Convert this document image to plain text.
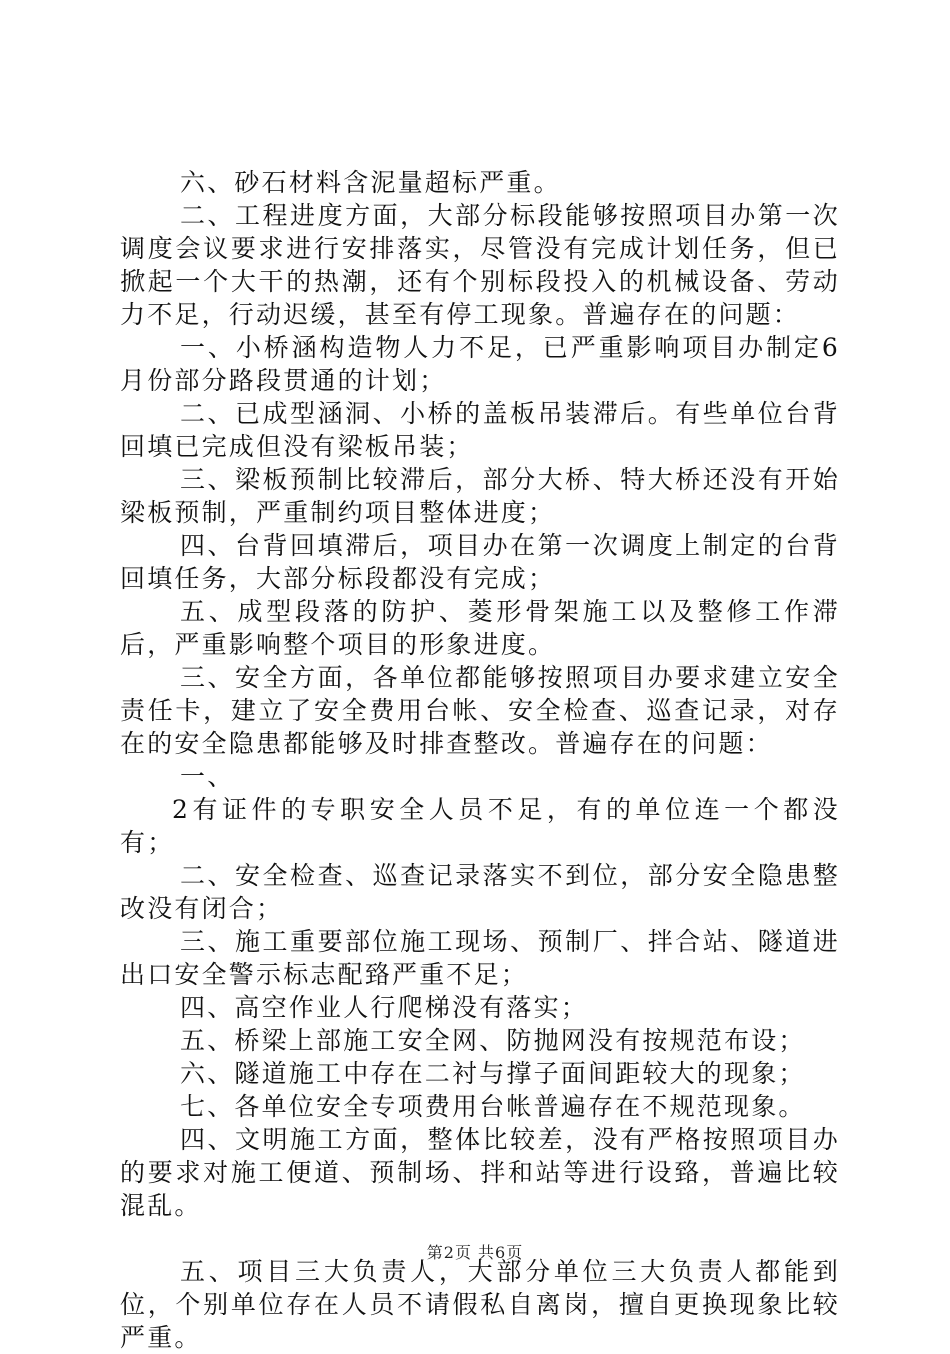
六、砂石材料含泥量超标严重。

二、工程进度方面，大部分标段能够按照项目办第一次调度会议要求进行安排落实，尽管没有完成计划任务，但已掀起一个大干的热潮，还有个别标段投入的机械设备、劳动力不足，行动迟缓，甚至有停工现象。普遍存在的问题：

一、小桥涵构造物人力不足，已严重影响项目办制定6月份部分路段贯通的计划；

二、已成型涵洞、小桥的盖板吊装滞后。有些单位台背回填已完成但没有梁板吊装；

三、梁板预制比较滞后，部分大桥、特大桥还没有开始梁板预制，严重制约项目整体进度；

四、台背回填滞后，项目办在第一次调度上制定的台背回填任务，大部分标段都没有完成；

五、成型段落的防护、菱形骨架施工以及整修工作滞后，严重影响整个项目的形象进度。

三、安全方面，各单位都能够按照项目办要求建立安全责任卡，建立了安全费用台帐、安全检查、巡查记录，对存在的安全隐患都能够及时排查整改。普遍存在的问题：

一、

2有证件的专职安全人员不足，有的单位连一个都没有；

二、安全检查、巡查记录落实不到位，部分安全隐患整改没有闭合；

三、施工重要部位施工现场、预制厂、拌合站、隧道进出口安全警示标志配臵严重不足；

四、高空作业人行爬梯没有落实；

五、桥梁上部施工安全网、防抛网没有按规范布设；

六、隧道施工中存在二衬与撑子面间距较大的现象；

七、各单位安全专项费用台帐普遍存在不规范现象。

四、文明施工方面，整体比较差，没有严格按照项目办的要求对施工便道、预制场、拌和站等进行设臵，普遍比较混乱。

五、项目三大负责人，大部分单位三大负责人都能到位，个别单位存在人员不请假私自离岗，擅自更换现象比较严重。

第2页 共6页
